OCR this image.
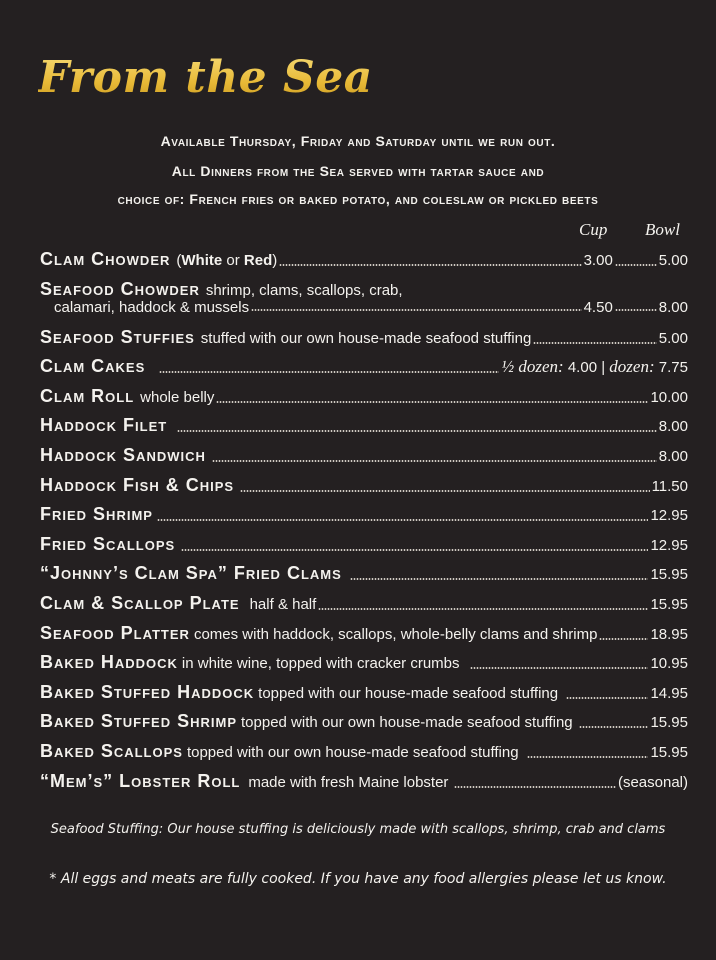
From the Sea
Available Thursday, Friday and Saturday until we run out.
All Dinners from the Sea served with tartar sauce and
choice of: French fries or baked potato, and coleslaw or pickled beets
Cup Bowl
Clam Chowder (White or Red)	3.00	5.00
Seafood Chowder shrimp, clams, scallops, crab,
calamari, haddock & mussels	4.50	8.00
Seafood Stuffies stuffed with our own house-made seafood stuffing	5.00
Clam Cakes	½ dozen: 4.00 | dozen: 7.75
Clam Roll whole belly	10.00
Haddock Filet	8.00
Haddock Sandwich	8.00
Haddock Fish & Chips	11.50
Fried Shrimp	12.95
Fried Scallops	12.95
“Johnny’s Clam Spa” Fried Clams	15.95
Clam & Scallop Plate half & half	15.95
Seafood Platter comes with haddock, scallops, whole-belly clams and shrimp	18.95
Baked Haddock in white wine, topped with cracker crumbs	10.95
Baked Stuffed Haddock topped with our house-made seafood stuffing	14.95
Baked Stuffed Shrimp topped with our own house-made seafood stuffing	15.95
Baked Scallops topped with our own house-made seafood stuffing	15.95
“Mem’s” Lobster Roll made with fresh Maine lobster	(seasonal)
Seafood Stuffing: Our house stuffing is deliciously made with scallops, shrimp, crab and clams
* All eggs and meats are fully cooked. If you have any food allergies please let us know.
